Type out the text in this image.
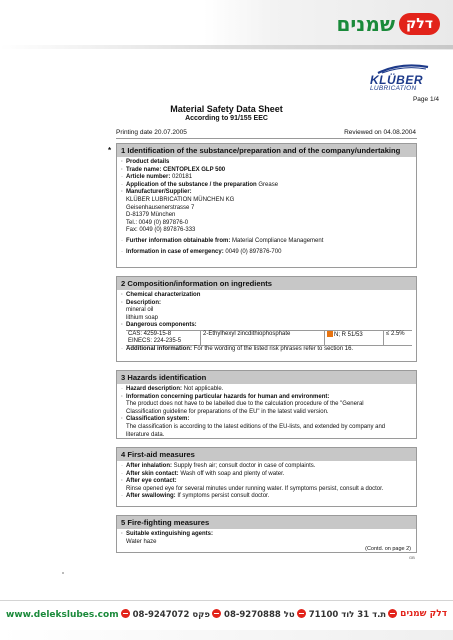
שמנים דלק
KLÜBER
LUBRICATION
Page 1/4
Material Safety Data Sheet
According to 91/155 EEC
Printing date 20.07.2005	Reviewed on 04.08.2004
*	1 Identification of the substance/preparation and of the company/undertaking
· Product details
· Trade name: CENTOPLEX GLP 500
· Article number: 020181
· Application of the substance / the preparation Grease
· Manufacturer/Supplier:
KLÜBER LUBRICATION MÜNCHEN KG
Geisenhausenerstrasse 7
D-81379 München
Tel.: 0049 (0) 897876-0
Fax: 0049 (0) 897876-333
· Further information obtainable from: Material Compliance Management
· Information in case of emergency: 0049 (0) 897876-700
2 Composition/information on ingredients
· Chemical characterization
· Description:
mineral oil
lithium soap
· Dangerous components:
CAS: 4259-15-8
EINECS: 224-235-5
	2-Ethylhexyl zincdithiophosphate	N; R 51/53	≤ 2.5%
· Additional information: For the wording of the listed risk phrases refer to section 16.
3 Hazards identification
· Hazard description: Not applicable.
· Information concerning particular hazards for human and environment:
The product does not have to be labelled due to the calculation procedure of the "General
Classification guideline for preparations of the EU" in the latest valid version.
· Classification system:
The classification is according to the latest editions of the EU-lists, and extended by company and
literature data.
4 First-aid measures
· After inhalation: Supply fresh air; consult doctor in case of complaints.
· After skin contact: Wash off with soap and plenty of water.
· After eye contact:
Rinse opened eye for several minutes under running water. If symptoms persist, consult a doctor.
· After swallowing: If symptoms persist consult doctor.
5 Fire-fighting measures
· Suitable extinguishing agents:
Water haze
(Contd. on page 2)
GB
www.delekslubes.com	08-9247072 פקס	08-9270888 טל	71100 ת.ד 31 לוד	דלק שמנים
